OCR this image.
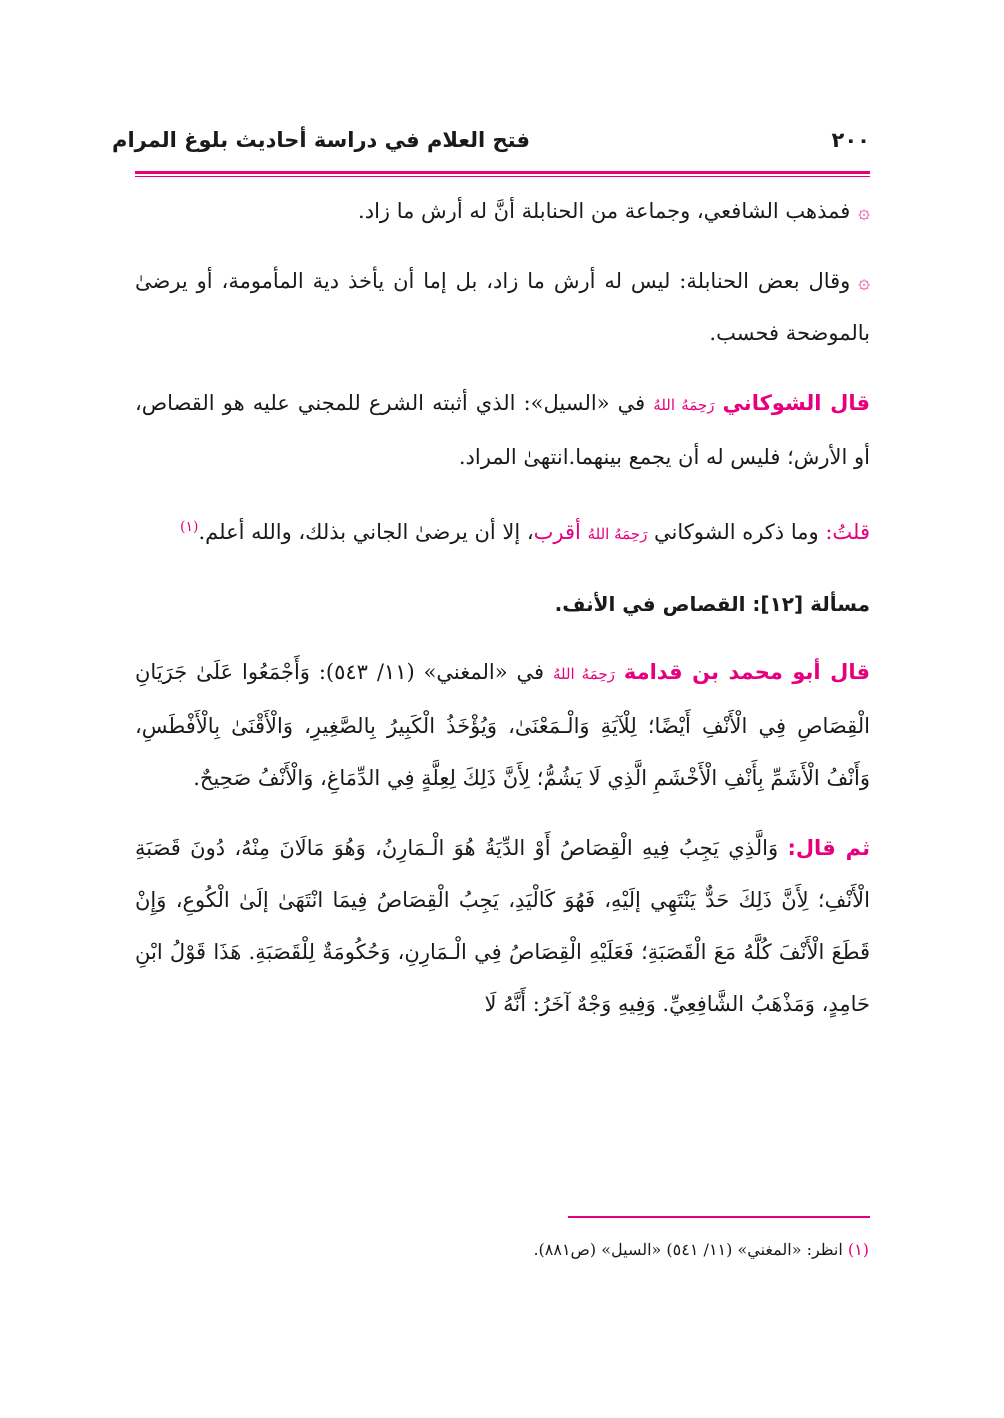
٢٠٠
فتح العلام في دراسة أحاديث بلوغ المرام

۞فمذهب الشافعي، وجماعة من الحنابلة أنَّ له أرش ما زاد.

۞وقال بعض الحنابلة: ليس له أرش ما زاد، بل إما أن يأخذ دية المأمومة، أو يرضىٰ بالموضحة فحسب.

قال الشوكاني رَحِمَهُ اللهُ في «السيل»: الذي أثبته الشرع للمجني عليه هو القصاص، أو الأرش؛ فليس له أن يجمع بينهما.انتهىٰ المراد.

قلتُ: وما ذكره الشوكاني رَحِمَهُ اللهُ أقرب، إلا أن يرضىٰ الجاني بذلك، والله أعلم.$^{(١)}$

مسألة [١٢]: القصاص في الأنف.

قال أبو محمد بن قدامة رَحِمَهُ اللهُ في «المغني» (١١/ ٥٤٣): وَأَجْمَعُوا عَلَىٰ جَرَيَانِ الْقِصَاصِ فِي الْأَنْفِ أَيْضًا؛ لِلْآيَةِ وَالْـمَعْنَىٰ، وَيُؤْخَذُ الْكَبِيرُ بِالصَّغِيرِ، وَالْأَقْنَىٰ بِالْأَفْطَسِ، وَأَنْفُ الْأَشَمِّ بِأَنْفِ الْأَخْشَمِ الَّذِي لَا يَشُمُّ؛ لِأَنَّ ذَلِكَ لِعِلَّةٍ فِي الدِّمَاغِ، وَالْأَنْفُ صَحِيحٌ.

ثم قال: وَالَّذِي يَجِبُ فِيهِ الْقِصَاصُ أَوْ الدِّيَةُ هُوَ الْـمَارِنُ، وَهُوَ مَالَانَ مِنْهُ، دُونَ قَصَبَةِ الْأَنْفِ؛ لِأَنَّ ذَلِكَ حَدٌّ يَنْتَهِي إلَيْهِ، فَهُوَ كَالْيَدِ، يَجِبُ الْقِصَاصُ فِيمَا انْتَهَىٰ إلَىٰ الْكُوعِ، وَإِنْ قَطَعَ الْأَنْفَ كُلَّهُ مَعَ الْقَصَبَةِ؛ فَعَلَيْهِ الْقِصَاصُ فِي الْـمَارِنِ، وَحُكُومَةٌ لِلْقَصَبَةِ. هَذَا قَوْلُ ابْنِ حَامِدٍ، وَمَذْهَبُ الشَّافِعِيِّ. وَفِيهِ وَجْهٌ آخَرُ: أَنَّهُ لَا

(١) انظر: «المغني» (١١/ ٥٤١) «السيل» (ص٨٨١).
